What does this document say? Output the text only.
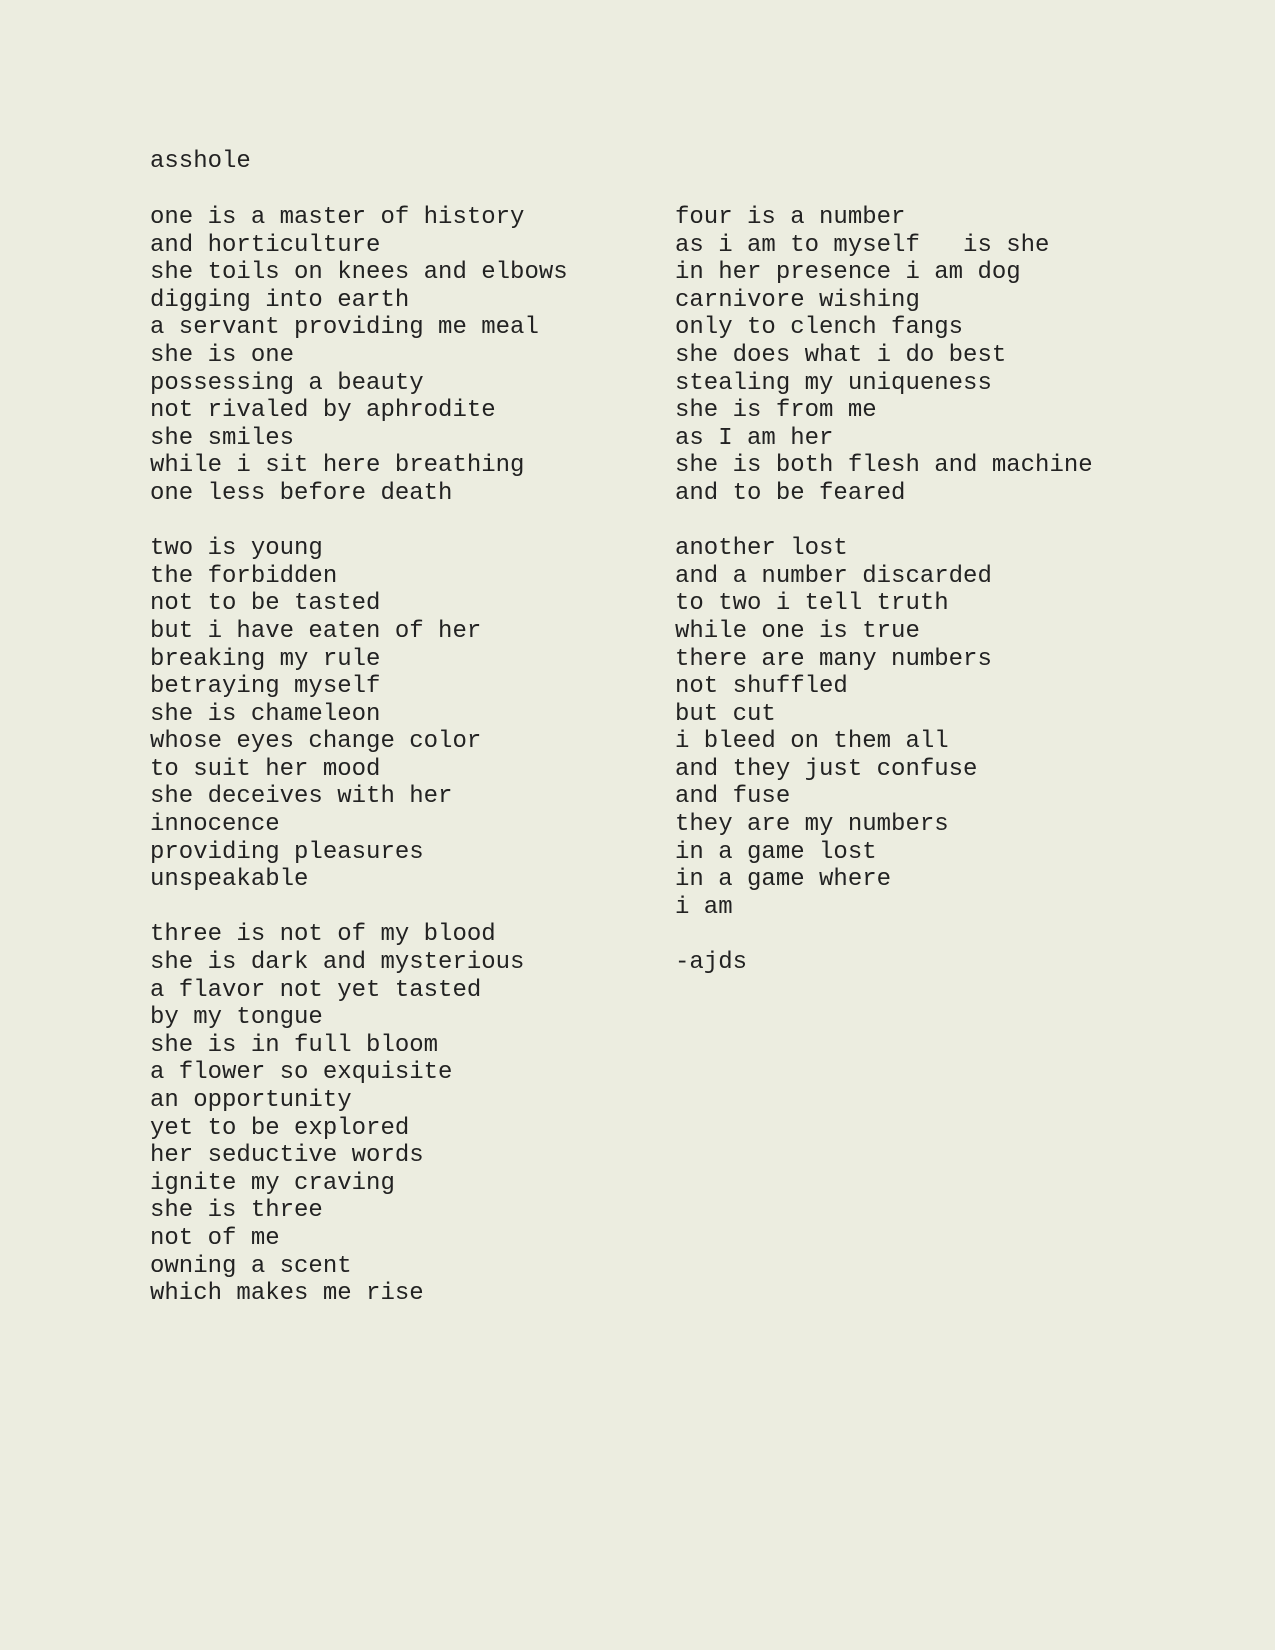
asshole
one is a master of history
and horticulture
she toils on knees and elbows
digging into earth
a servant providing me meal
she is one
possessing a beauty
not rivaled by aphrodite
she smiles
while i sit here breathing
one less before death
two is young
the forbidden
not to be tasted
but i have eaten of her
breaking my rule
betraying myself
she is chameleon
whose eyes change color
to suit her mood
she deceives with her
innocence
providing pleasures
unspeakable
three is not of my blood
she is dark and mysterious
a flavor not yet tasted
by my tongue
she is in full bloom
a flower so exquisite
an opportunity
yet to be explored
her seductive words
ignite my craving
she is three
not of me
owning a scent
which makes me rise
four is a number
as i am to myself   is she
in her presence i am dog
carnivore wishing
only to clench fangs
she does what i do best
stealing my uniqueness
she is from me
as I am her
she is both flesh and machine
and to be feared
another lost
and a number discarded
to two i tell truth
while one is true
there are many numbers
not shuffled
but cut
i bleed on them all
and they just confuse
and fuse
they are my numbers
in a game lost
in a game where
i am
-ajds
